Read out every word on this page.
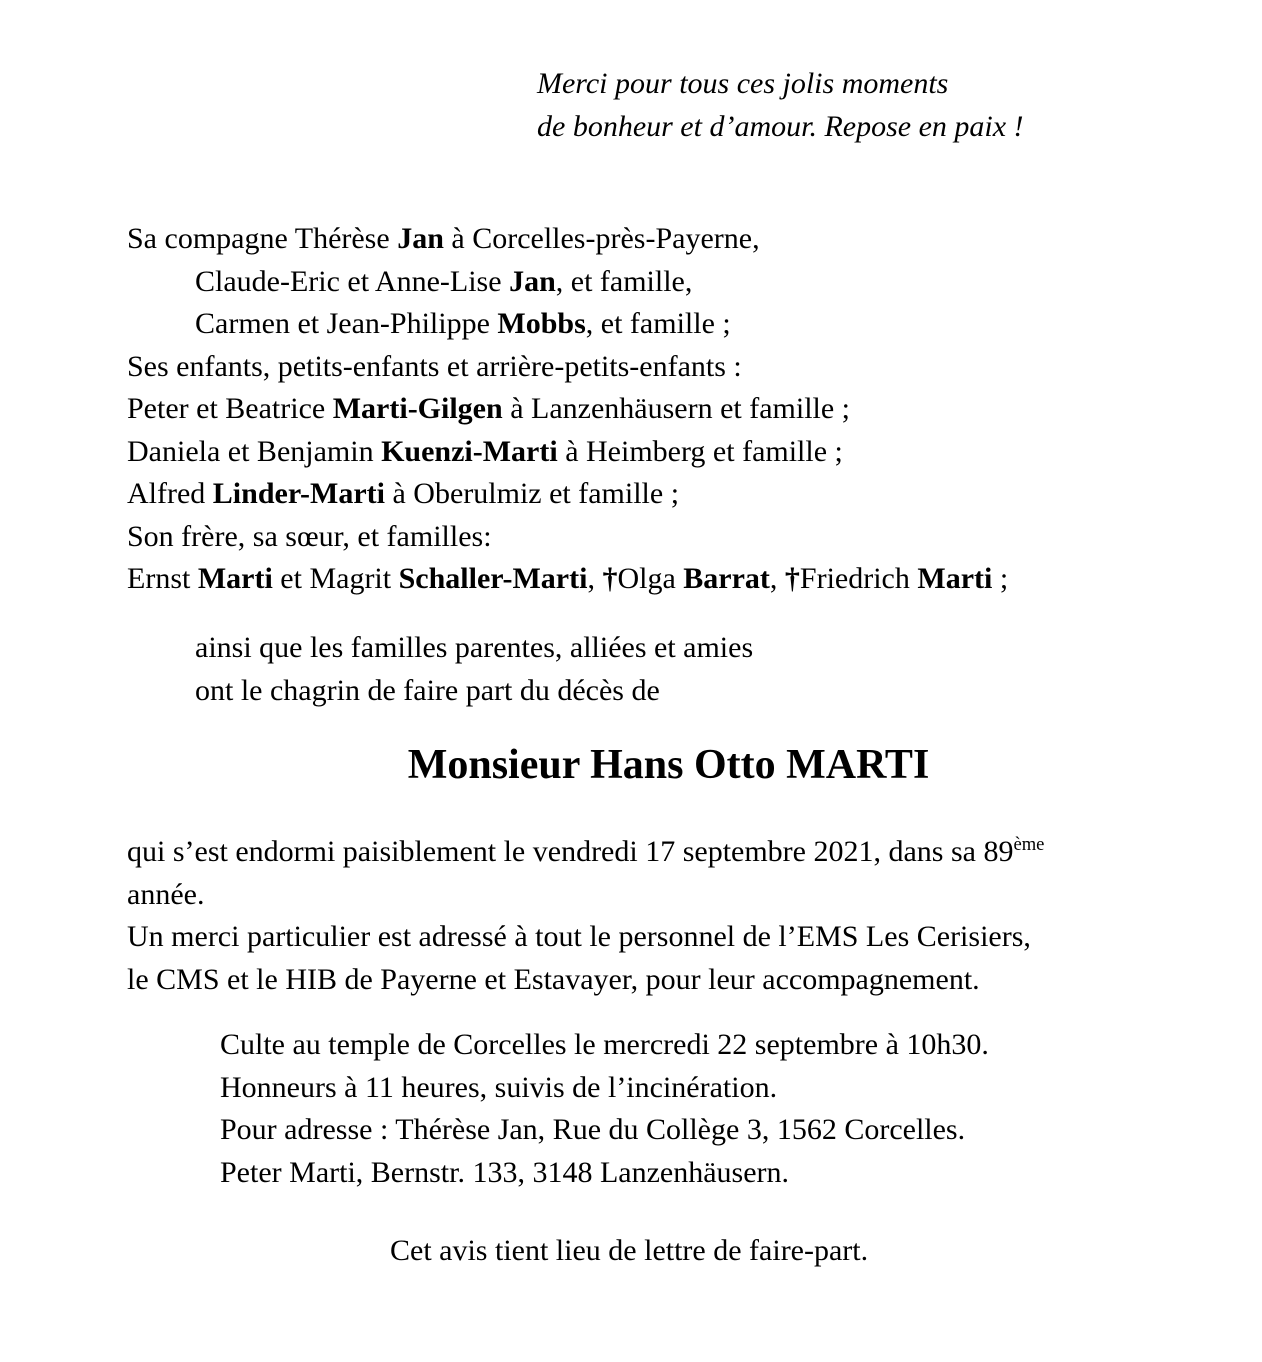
Merci pour tous ces jolis moments
de bonheur et d’amour. Repose en paix !
Sa compagne Thérèse Jan à Corcelles-près-Payerne,
Claude-Eric et Anne-Lise Jan, et famille,
Carmen et Jean-Philippe Mobbs, et famille ;
Ses enfants, petits-enfants et arrière-petits-enfants :
Peter et Beatrice Marti-Gilgen à Lanzenhäusern et famille ;
Daniela et Benjamin Kuenzi-Marti à Heimberg et famille ;
Alfred Linder-Marti à Oberulmiz et famille ;
Son frère, sa sœur, et familles:
Ernst Marti et Magrit Schaller-Marti, †Olga Barrat, †Friedrich Marti ;
ainsi que les familles parentes, alliées et amies
ont le chagrin de faire part du décès de
Monsieur Hans Otto MARTI
qui s’est endormi paisiblement le vendredi 17 septembre 2021, dans sa 89ème
année.
Un merci particulier est adressé à tout le personnel de l’EMS Les Cerisiers,
le CMS et le HIB de Payerne et Estavayer, pour leur accompagnement.
Culte au temple de Corcelles le mercredi 22 septembre à 10h30.
Honneurs à 11 heures, suivis de l’incinération.
Pour adresse : Thérèse Jan, Rue du Collège 3, 1562 Corcelles.
Peter Marti, Bernstr. 133, 3148 Lanzenhäusern.
Cet avis tient lieu de lettre de faire-part.
